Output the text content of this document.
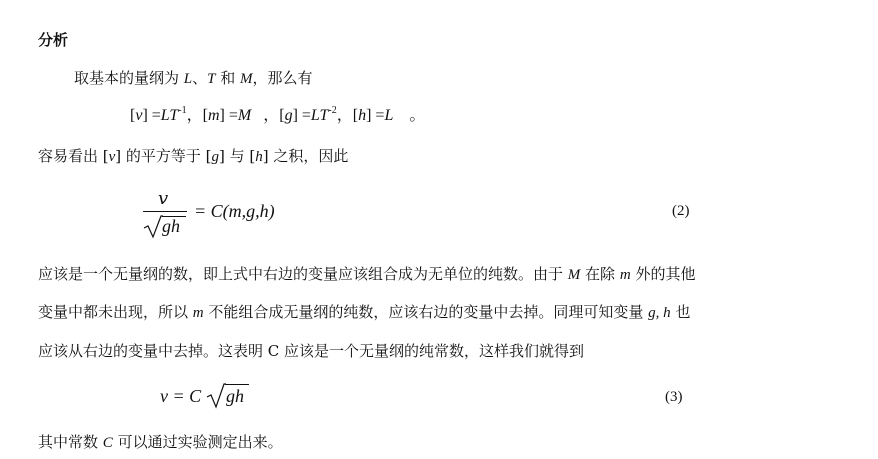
分析
取基本的量纲为 L、T 和 M，那么有
$[v] =LT^{-1}$，[m] =M ，$[g] =LT^{-2}$，[h] =L 。
容易看出 [v] 的平方等于 [g] 与 [h] 之积，因此
v
gh
= C(m,g,h)	(2)
应该是一个无量纲的数，即上式中右边的变量应该组合成为无单位的纯数。由于 M 在除 m 外的其他
变量中都未出现，所以 m 不能组合成无量纲的纯数，应该右边的变量中去掉。同理可知变量 g, h 也
应该从右边的变量中去掉。这表明 C 应该是一个无量纲的纯常数，这样我们就得到
v = C gh	(3)
其中常数 C 可以通过实验测定出来。
